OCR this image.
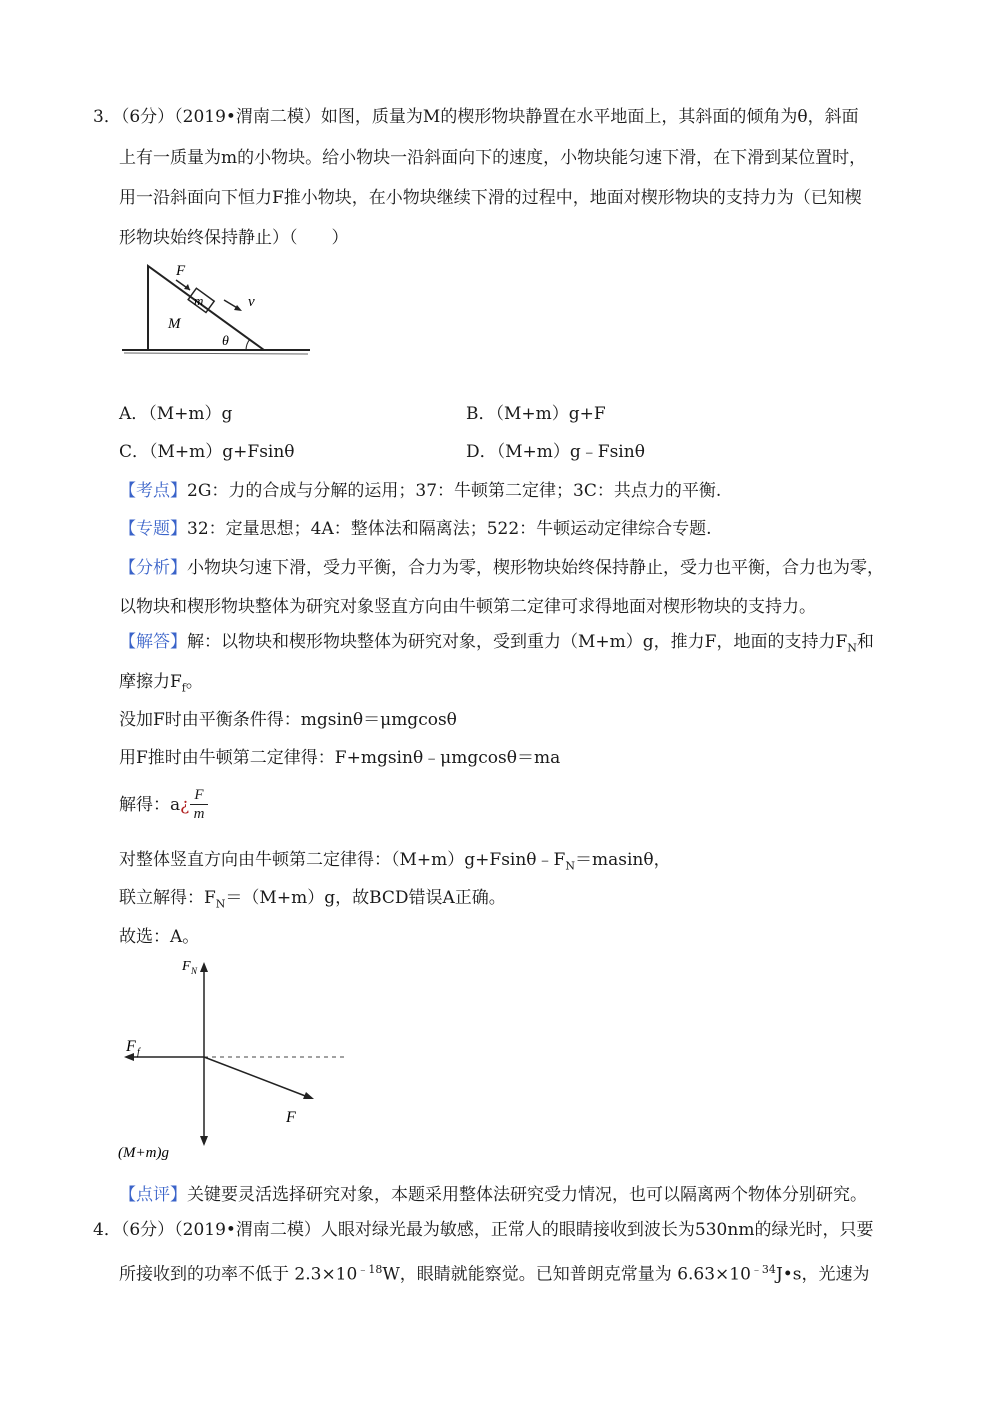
3．（6分）（2019•渭南二模）如图，质量为M的楔形物块静置在水平地面上，其斜面的倾角为θ，斜面
上有一质量为m的小物块。给小物块一沿斜面向下的速度，小物块能匀速下滑，在下滑到某位置时，
用一沿斜面向下恒力F推小物块，在小物块继续下滑的过程中，地面对楔形物块的支持力为（已知楔
形物块始终保持静止）（　　）
F
m	v
M
θ
A．（M+m）g	B．（M+m）g+F
C．（M+m）g+Fsinθ	D．（M+m）g﹣Fsinθ
【考点】2G：力的合成与分解的运用；37：牛顿第二定律；3C：共点力的平衡.
【专题】32：定量思想；4A：整体法和隔离法；522：牛顿运动定律综合专题.
【分析】小物块匀速下滑，受力平衡，合力为零，楔形物块始终保持静止，受力也平衡，合力也为零，
以物块和楔形物块整体为研究对象竖直方向由牛顿第二定律可求得地面对楔形物块的支持力。
【解答】解：以物块和楔形物块整体为研究对象，受到重力（M+m）g，推力F，地面的支持力$F_N$和
摩擦力$F_f$。
没加F时由平衡条件得：mgsinθ＝μmgcosθ
用F推时由牛顿第二定律得：F+mgsinθ﹣μmgcosθ＝ma
解得：a¿ F
m
对整体竖直方向由牛顿第二定律得：$(M+m)g+Fsin\theta﹣F_N=masin\theta$，
联立解得：$F_N=(M+m)g$，故BCD错误A正确。
故选：A。
F N
F f
F
(M+m)g
【点评】关键要灵活选择研究对象，本题采用整体法研究受力情况，也可以隔离两个物体分别研究。
4．（6分）（2019•渭南二模）人眼对绿光最为敏感，正常人的眼睛接收到波长为530nm的绿光时，只要
所接收到的功率不低于 $2.3\times 10^{﹣18}W$，眼睛就能察觉。已知普朗克常量为 $6.63\times 10^{﹣34}J•s$，光速为
